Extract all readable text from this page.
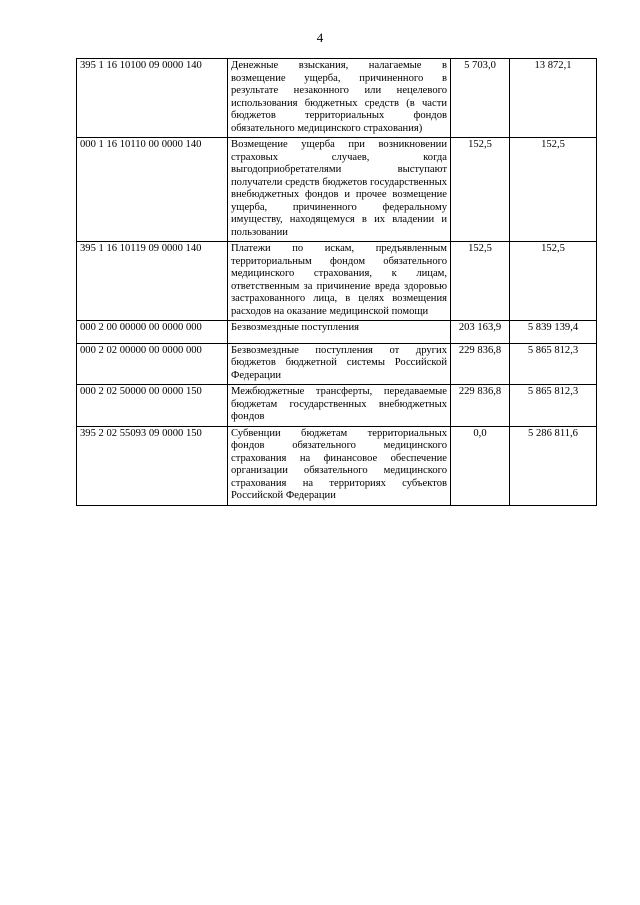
4
395 1 16 10100 09 0000 140	Денежные взыскания, налагаемые в возмещение ущерба, причиненного в результате незаконного или нецелевого использования бюджетных средств (в части бюджетов территориальных фондов обязательного медицинского страхования)	5 703,0	13 872,1
000 1 16 10110 00 0000 140	Возмещение ущерба при возникновении страховых случаев, когда выгодоприобретателями выступают получатели средств бюджетов государственных внебюджетных фондов и прочее возмещение ущерба, причиненного федеральному имуществу, находящемуся в их владении и пользовании	152,5	152,5
395 1 16 10119 09 0000 140	Платежи по искам, предъявленным территориальным фондом обязательного медицинского страхования, к лицам, ответственным за причинение вреда здоровью застрахованного лица, в целях возмещения расходов на оказание медицинской помощи	152,5	152,5
000 2 00 00000 00 0000 000	Безвозмездные поступления	203 163,9	5 839 139,4
000 2 02 00000 00 0000 000	Безвозмездные поступления от других бюджетов бюджетной системы Российской Федерации	229 836,8	5 865 812,3
000 2 02 50000 00 0000 150	Межбюджетные трансферты, передаваемые бюджетам государственных внебюджетных фондов	229 836,8	5 865 812,3
395 2 02 55093 09 0000 150	Субвенции бюджетам территориальных фондов обязательного медицинского страхования на финансовое обеспечение организации обязательного медицинского страхования на территориях субъектов Российской Федерации	0,0	5 286 811,6
